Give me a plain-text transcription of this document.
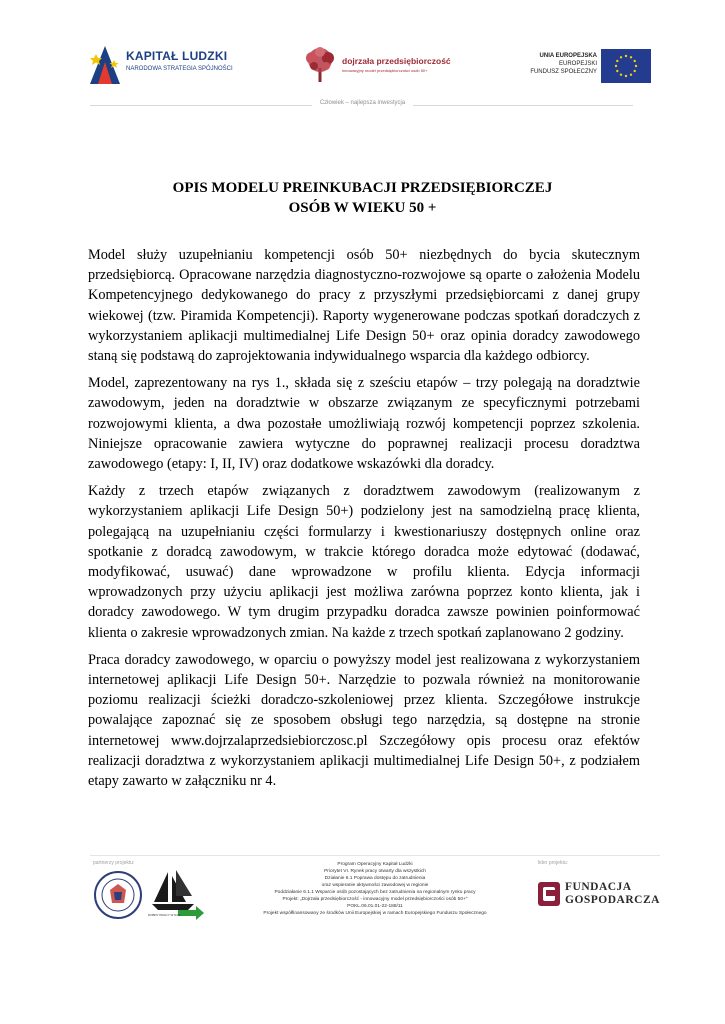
KAPITAŁ LUDZKI
NARODOWA STRATEGIA SPÓJNOŚCI
dojrzała przedsiębiorczość
innowacyjny model przedsiębiorczości osób 50+
UNIA EUROPEJSKA
EUROPEJSKI
FUNDUSZ SPOŁECZNY
Człowiek – najlepsza inwestycja
OPIS MODELU PREINKUBACJI PRZEDSIĘBIORCZEJ
OSÓB W WIEKU 50 +

Model służy uzupełnianiu kompetencji osób 50+ niezbędnych do bycia skutecznym przedsiębiorcą. Opracowane narzędzia diagnostyczno-rozwojowe są oparte o założenia Modelu Kompetencyjnego dedykowanego do pracy z przyszłymi przedsiębiorcami z danej grupy wiekowej (tzw. Piramida Kompetencji). Raporty wygenerowane podczas spotkań doradczych z wykorzystaniem aplikacji multimedialnej Life Design 50+ oraz opinia doradcy zawodowego staną się podstawą do zaprojektowania indywidualnego wsparcia dla każdego odbiorcy.

Model, zaprezentowany na rys 1., składa się z sześciu etapów – trzy polegają na doradztwie zawodowym, jeden na doradztwie w obszarze związanym ze specyficznymi potrzebami rozwojowymi klienta, a dwa pozostałe umożliwiają rozwój kompetencji poprzez szkolenia. Niniejsze opracowanie zawiera wytyczne do poprawnej realizacji procesu doradztwa zawodowego (etapy: I, II, IV) oraz dodatkowe wskazówki dla doradcy.

Każdy z trzech etapów związanych z doradztwem zawodowym (realizowanym z wykorzystaniem aplikacji Life Design 50+) podzielony jest na samodzielną pracę klienta, polegającą na uzupełnianiu części formularzy i kwestionariuszy dostępnych online oraz spotkanie z doradcą zawodowym, w trakcie którego doradca może edytować (dodawać, modyfikować, usuwać) dane wprowadzone w profilu klienta. Edycja informacji wprowadzonych przy użyciu aplikacji jest możliwa zarówna poprzez konto klienta, jak i doradcy zawodowego. W tym drugim przypadku doradca zawsze powinien poinformować klienta o zakresie wprowadzonych zmian. Na każde z trzech spotkań zaplanowano 2 godziny.

Praca doradcy zawodowego, w oparciu o powyższy model jest realizowana z wykorzystaniem internetowej aplikacji Life Design 50+. Narzędzie to pozwala również na monitorowanie poziomu realizacji ścieżki doradczo-szkoleniowej przez klienta. Szczegółowe instrukcje powalające zapoznać się ze sposobem obsługi tego narzędzia, są dostępne na stronie internetowej www.dojrzalaprzedsiebiorczosc.pl Szczegółowy opis procesu oraz efektów realizacji doradztwa z wykorzystaniem aplikacji multimedialnej Life Design 50+, z podziałem etapy zawarto w załączniku nr 4.

partnerzy projektu:	lider projektu:
DOBRY PRACY W NAS
Program Operacyjny Kapitał Ludzki
Priorytet VI. Rynek pracy otwarty dla wszystkich
Działanie 6.1 Poprawa dostępu do zatrudnienia
oraz wspieranie aktywności zawodowej w regionie
Poddziałanie 6.1.1 Wsparcie osób pozostających bez zatrudnienia na regionalnym rynku pracy
Projekt: „Dojrzała przedsiębiorczość - innowacyjny model przedsiębiorczości osób 50+"
POKL.06.01.01-22-188/11
Projekt współfinansowany ze środków Unii Europejskiej w ramach Europejskiego Funduszu Społecznego
FUNDACJA
GOSPODARCZA
